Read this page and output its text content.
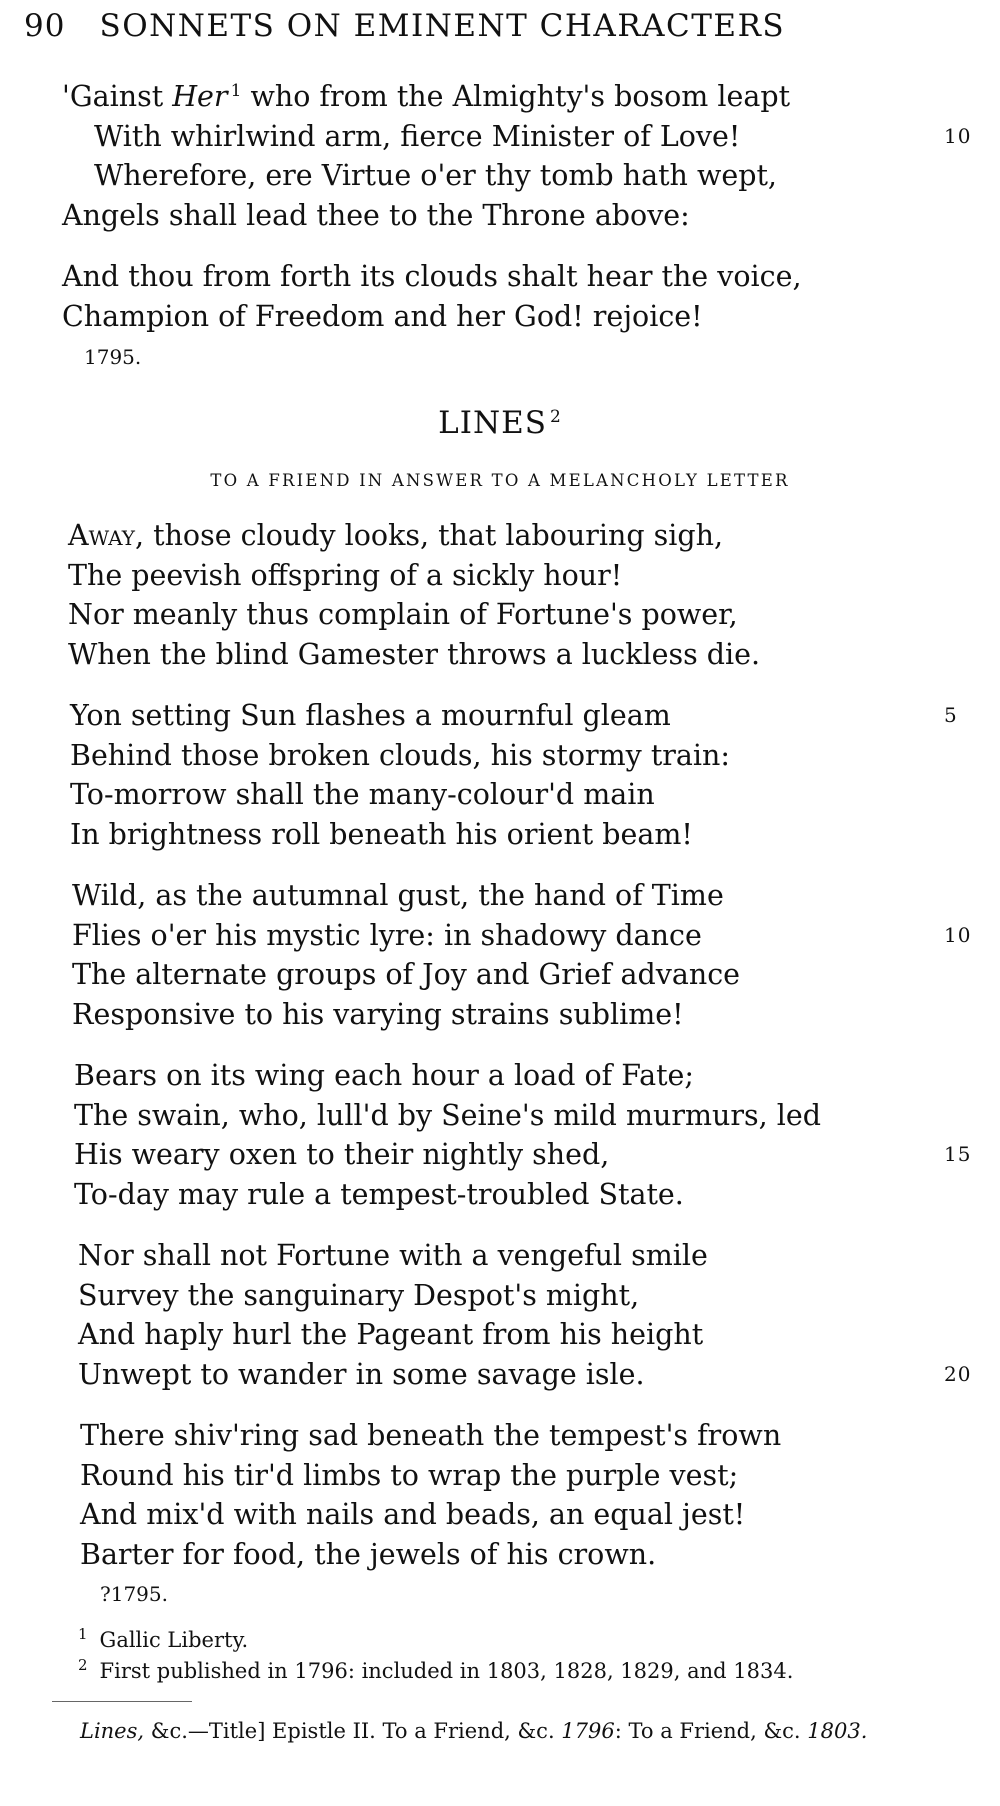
90 SONNETS ON EMINENT CHARACTERS
'Gainst Her $^1$ who from the Almighty's bosom leapt
With whirlwind arm, fierce Minister of Love!	10
Wherefore, ere Virtue o'er thy tomb hath wept,
Angels shall lead thee to the Throne above:
And thou from forth its clouds shalt hear the voice,
Champion of Freedom and her God! rejoice!
1795.
LINES $^2$
TO A FRIEND IN ANSWER TO A MELANCHOLY LETTER
Away, those cloudy looks, that labouring sigh,
The peevish offspring of a sickly hour!
Nor meanly thus complain of Fortune's power,
When the blind Gamester throws a luckless die.
Yon setting Sun flashes a mournful gleam	5
Behind those broken clouds, his stormy train:
To-morrow shall the many-colour'd main
In brightness roll beneath his orient beam!
Wild, as the autumnal gust, the hand of Time
Flies o'er his mystic lyre: in shadowy dance	10
The alternate groups of Joy and Grief advance
Responsive to his varying strains sublime!
Bears on its wing each hour a load of Fate;
The swain, who, lull'd by Seine's mild murmurs, led
His weary oxen to their nightly shed,	15
To-day may rule a tempest-troubled State.
Nor shall not Fortune with a vengeful smile
Survey the sanguinary Despot's might,
And haply hurl the Pageant from his height
Unwept to wander in some savage isle.	20
There shiv'ring sad beneath the tempest's frown
Round his tir'd limbs to wrap the purple vest;
And mix'd with nails and beads, an equal jest!
Barter for food, the jewels of his crown.
?1795.
$^1$ Gallic Liberty.
$^2$ First published in 1796: included in 1803, 1828, 1829, and 1834.
Lines, &c.—Title] Epistle II. To a Friend, &c. 1796: To a Friend, &c. 1803.
